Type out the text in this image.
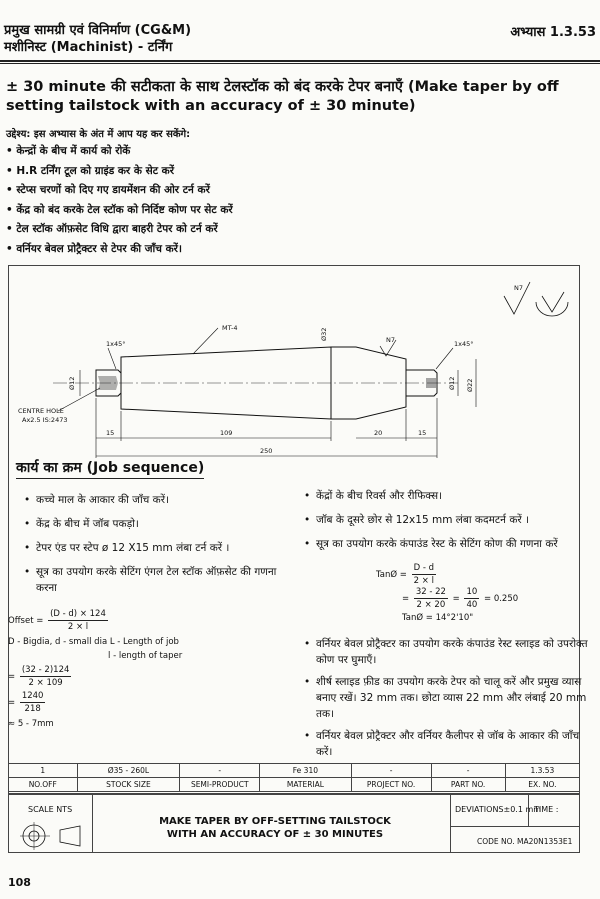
प्रमुख सामग्री एवं विनिर्माण (CG&M)
मशीनिस्ट (Machinist) - टर्निंग
अभ्यास 1.3.53
± 30 minute की सटीकता के साथ टेलस्टॉक को बंद करके टेपर बनाएँ (Make taper by off setting tailstock with an accuracy of ± 30 minute)
उद्देश्य: इस अभ्यास के अंत में आप यह कर सकेंगे:
• केन्द्रों के बीच में कार्य को रोकें
• H.R टर्निंग टूल को ग्राइंड कर के सेट करें
• स्टेप्स चरणों को दिए गए डायमेंशन की ओर टर्न करें
• केंद्र को बंद करके टेल स्टॉक को निर्दिष्ट कोण पर सेट करें
• टेल स्टॉक ऑफ़सेट विधि द्वारा बाहरी टेपर को टर्न करें
• वर्नियर बेवल प्रोट्रैक्टर से टेपर की जाँच करें।
MT-4
1x45°	1x45°
N7
Ø12
Ø32
Ø12 Ø22
CENTRE HOLE
Ax2.5 IS:2473
15	109	20	15
250
N7
कार्य का क्रम (Job sequence)
• कच्चे माल के आकार की जाँच करें।
• केंद्र के बीच में जॉब पकड़ो।
• टेपर एंड पर स्टेप ø 12 X15 mm लंबा टर्न करें ।
• सूत्र का उपयोग करके सेटिंग एंगल टेल स्टॉक ऑफ़सेट की गणना करना
Offset = $\frac{(D - d) \times 124}{2 \times l}$
D - Bigdia, d - small dia L - Length of job
l - length of taper
= $\frac{(32 - 2)124}{2 \times 109}$
= $\frac{1240}{218}$
≈ 5 - 7mm
• केंद्रों के बीच रिवर्स और रीफिक्स।
• जॉब के दूसरे छोर से 12x15 mm लंबा कदमटर्न करें ।
• सूत्र का उपयोग करके कंपाउंड रेस्ट के सेटिंग कोण की गणना करें
TanØ = $\frac{D - d}{2 \times l}$
= $\frac{32 - 22}{2 \times 20} = \frac{10}{40} = 0.250$
TanØ = 14°2'10"
• वर्नियर बेवल प्रोट्रैक्टर का उपयोग करके कंपाउंड रेस्ट स्लाइड को उपरोक्त कोण पर घुमाएँ।
• शीर्ष स्लाइड फ़ीड का उपयोग करके टेपर को चालू करें और प्रमुख व्यास बनाए रखें। 32 mm तक। छोटा व्यास 22 mm और लंबाई 20 mm तक।
• वर्नियर बेवल प्रोट्रैक्टर और वर्नियर कैलीपर से जॉब के आकार की जाँच करें।
1	Ø35 - 260L	-	Fe 310	-	-	1.3.53
NO.OFF	STOCK SIZE	SEMI-PRODUCT	MATERIAL	PROJECT NO.	PART NO.	EX. NO.
SCALE NTS
MAKE TAPER BY OFF-SETTING TAILSTOCK WITH AN ACCURACY OF ± 30 MINUTES
DEVIATIONS±0.1 mm
TIME :
CODE NO. MA20N1353E1
108
